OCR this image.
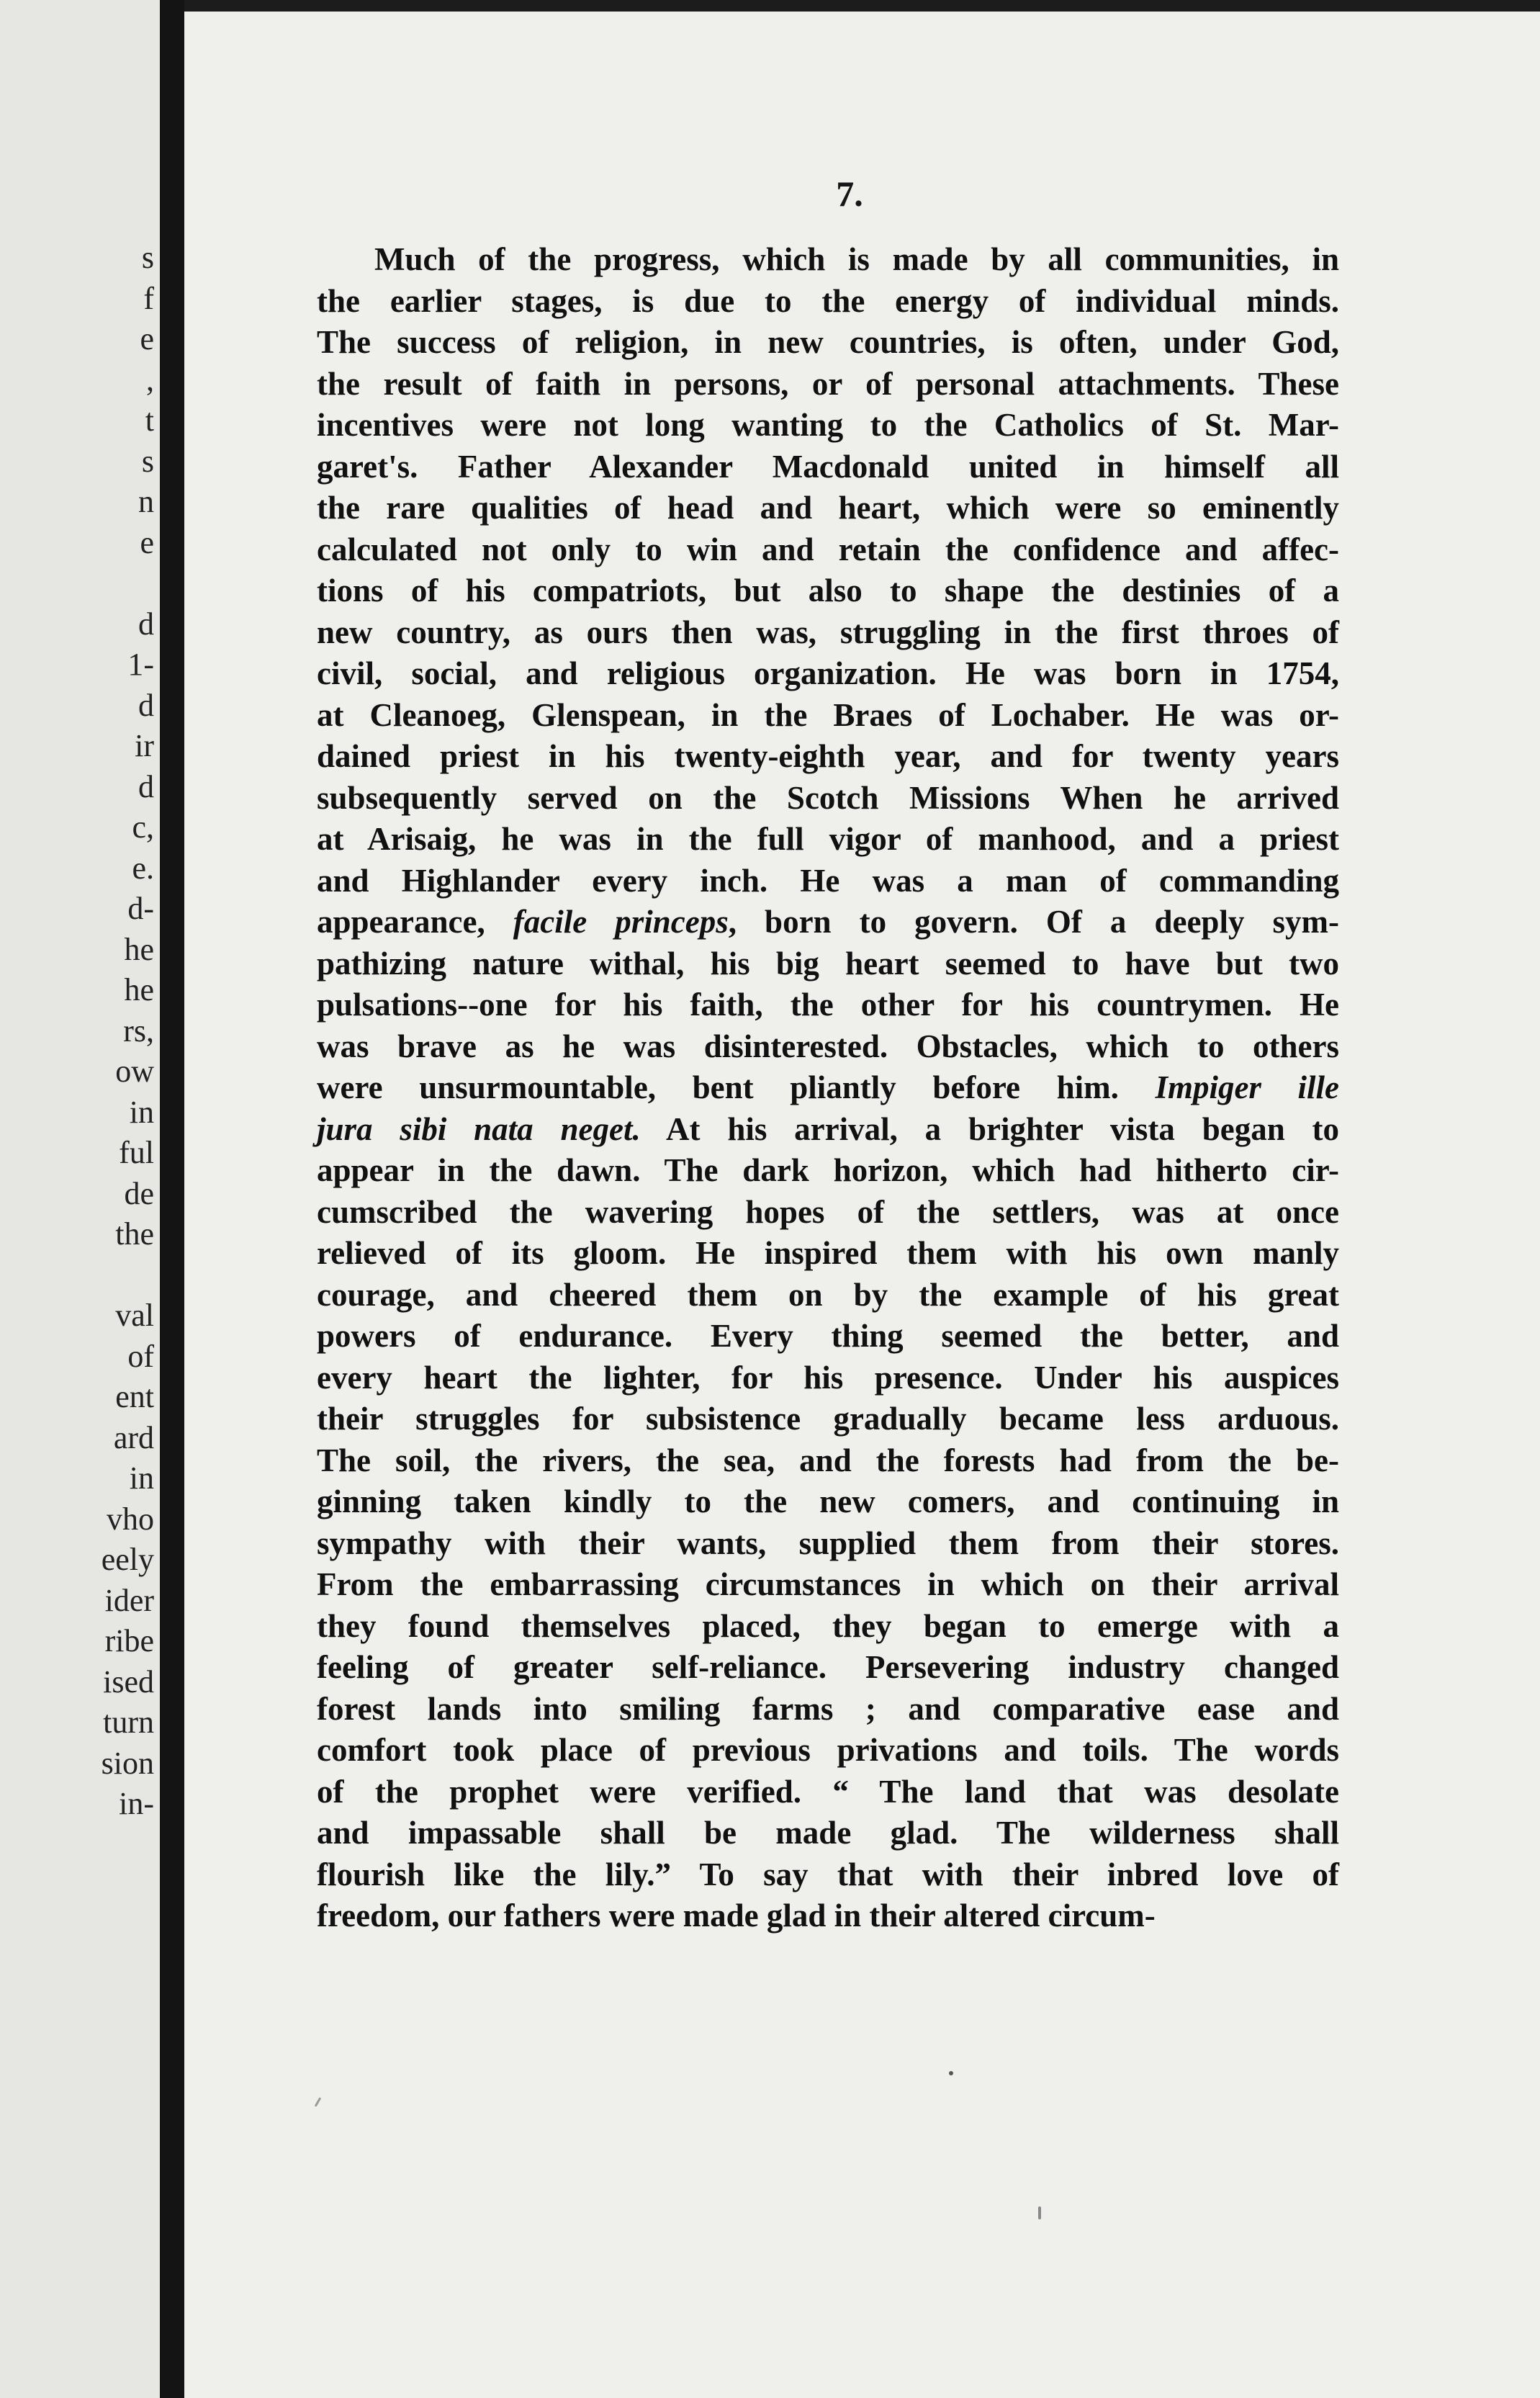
s
f
e
,
t
s
n
e
d
1-
d
ir
d
c,
e.
d-
he
he
rs,
ow
in
ful
de
the
val
of
ent
ard
in
vho
eely
ider
ribe
ised
turn
sion
in-
7.
Much of the progress, which is made by all communities, in
the earlier stages, is due to the energy of individual minds.
The success of religion, in new countries, is often, under God,
the result of faith in persons, or of personal attachments. These
incentives were not long wanting to the Catholics of St. Mar-
garet's. Father Alexander Macdonald united in himself all
the rare qualities of head and heart, which were so eminently
calculated not only to win and retain the confidence and affec-
tions of his compatriots, but also to shape the destinies of a
new country, as ours then was, struggling in the first throes of
civil, social, and religious organization. He was born in 1754,
at Cleanoeg, Glenspean, in the Braes of Lochaber. He was or-
dained priest in his twenty-eighth year, and for twenty years
subsequently served on the Scotch Missions When he arrived
at Arisaig, he was in the full vigor of manhood, and a priest
and Highlander every inch. He was a man of commanding
appearance, facile princeps, born to govern. Of a deeply sym-
pathizing nature withal, his big heart seemed to have but two
pulsations--one for his faith, the other for his countrymen. He
was brave as he was disinterested. Obstacles, which to others
were unsurmountable, bent pliantly before him. Impiger ille
jura sibi nata neget. At his arrival, a brighter vista began to
appear in the dawn. The dark horizon, which had hitherto cir-
cumscribed the wavering hopes of the settlers, was at once
relieved of its gloom. He inspired them with his own manly
courage, and cheered them on by the example of his great
powers of endurance. Every thing seemed the better, and
every heart the lighter, for his presence. Under his auspices
their struggles for subsistence gradually became less arduous.
The soil, the rivers, the sea, and the forests had from the be-
ginning taken kindly to the new comers, and continuing in
sympathy with their wants, supplied them from their stores.
From the embarrassing circumstances in which on their arrival
they found themselves placed, they began to emerge with a
feeling of greater self-reliance. Persevering industry changed
forest lands into smiling farms ; and comparative ease and
comfort took place of previous privations and toils. The words
of the prophet were verified. “ The land that was desolate
and impassable shall be made glad. The wilderness shall
flourish like the lily.” To say that with their inbred love of
freedom, our fathers were made glad in their altered circum-
